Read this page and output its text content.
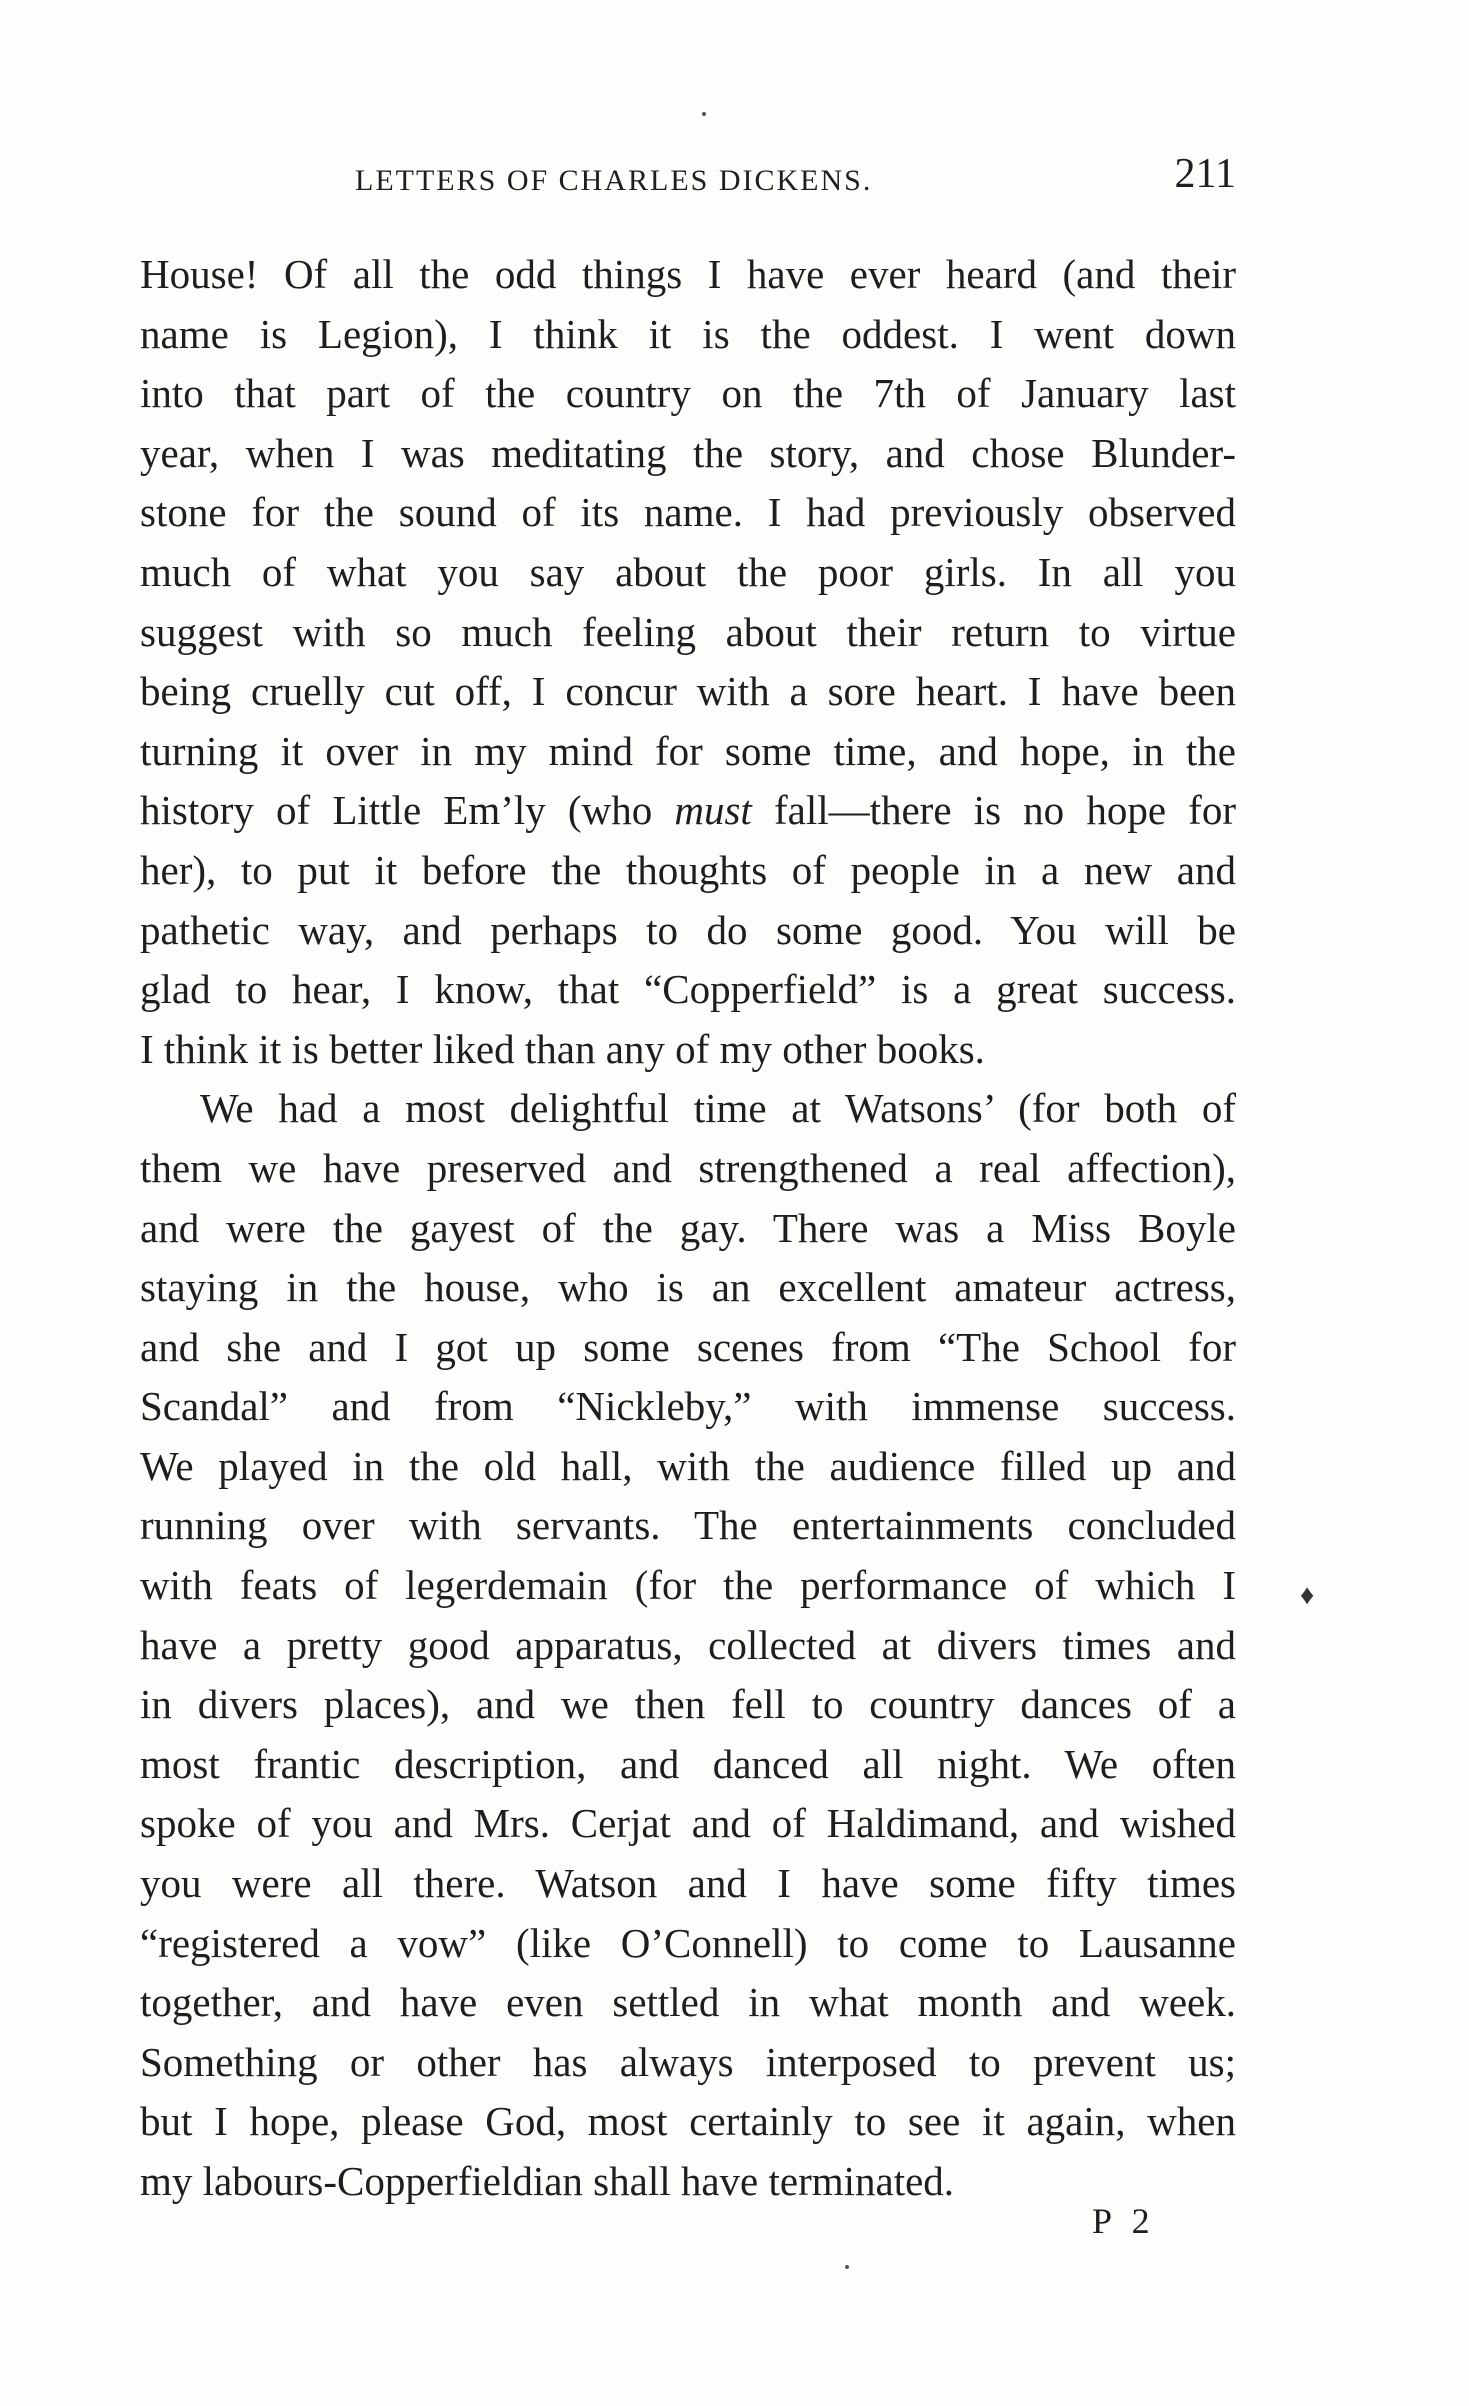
LETTERS OF CHARLES DICKENS.	211
House! Of all the odd things I have ever heard (and their
name is Legion), I think it is the oddest. I went down
into that part of the country on the 7th of January last
year, when I was meditating the story, and chose Blunder-
stone for the sound of its name. I had previously observed
much of what you say about the poor girls. In all you
suggest with so much feeling about their return to virtue
being cruelly cut off, I concur with a sore heart. I have been
turning it over in my mind for some time, and hope, in the
history of Little Em’ly (who must fall—there is no hope for
her), to put it before the thoughts of people in a new and
pathetic way, and perhaps to do some good. You will be
glad to hear, I know, that “Copperfield” is a great success.
I think it is better liked than any of my other books.
We had a most delightful time at Watsons’ (for both of
them we have preserved and strengthened a real affection),
and were the gayest of the gay. There was a Miss Boyle
staying in the house, who is an excellent amateur actress,
and she and I got up some scenes from “The School for
Scandal” and from “Nickleby,” with immense success.
We played in the old hall, with the audience filled up and
running over with servants. The entertainments concluded
with feats of legerdemain (for the performance of which I
have a pretty good apparatus, collected at divers times and
in divers places), and we then fell to country dances of a
most frantic description, and danced all night. We often
spoke of you and Mrs. Cerjat and of Haldimand, and wished
you were all there. Watson and I have some fifty times
“registered a vow” (like O’Connell) to come to Lausanne
together, and have even settled in what month and week.
Something or other has always interposed to prevent us;
but I hope, please God, most certainly to see it again, when
my labours-Copperfieldian shall have terminated.
♦
P 2
